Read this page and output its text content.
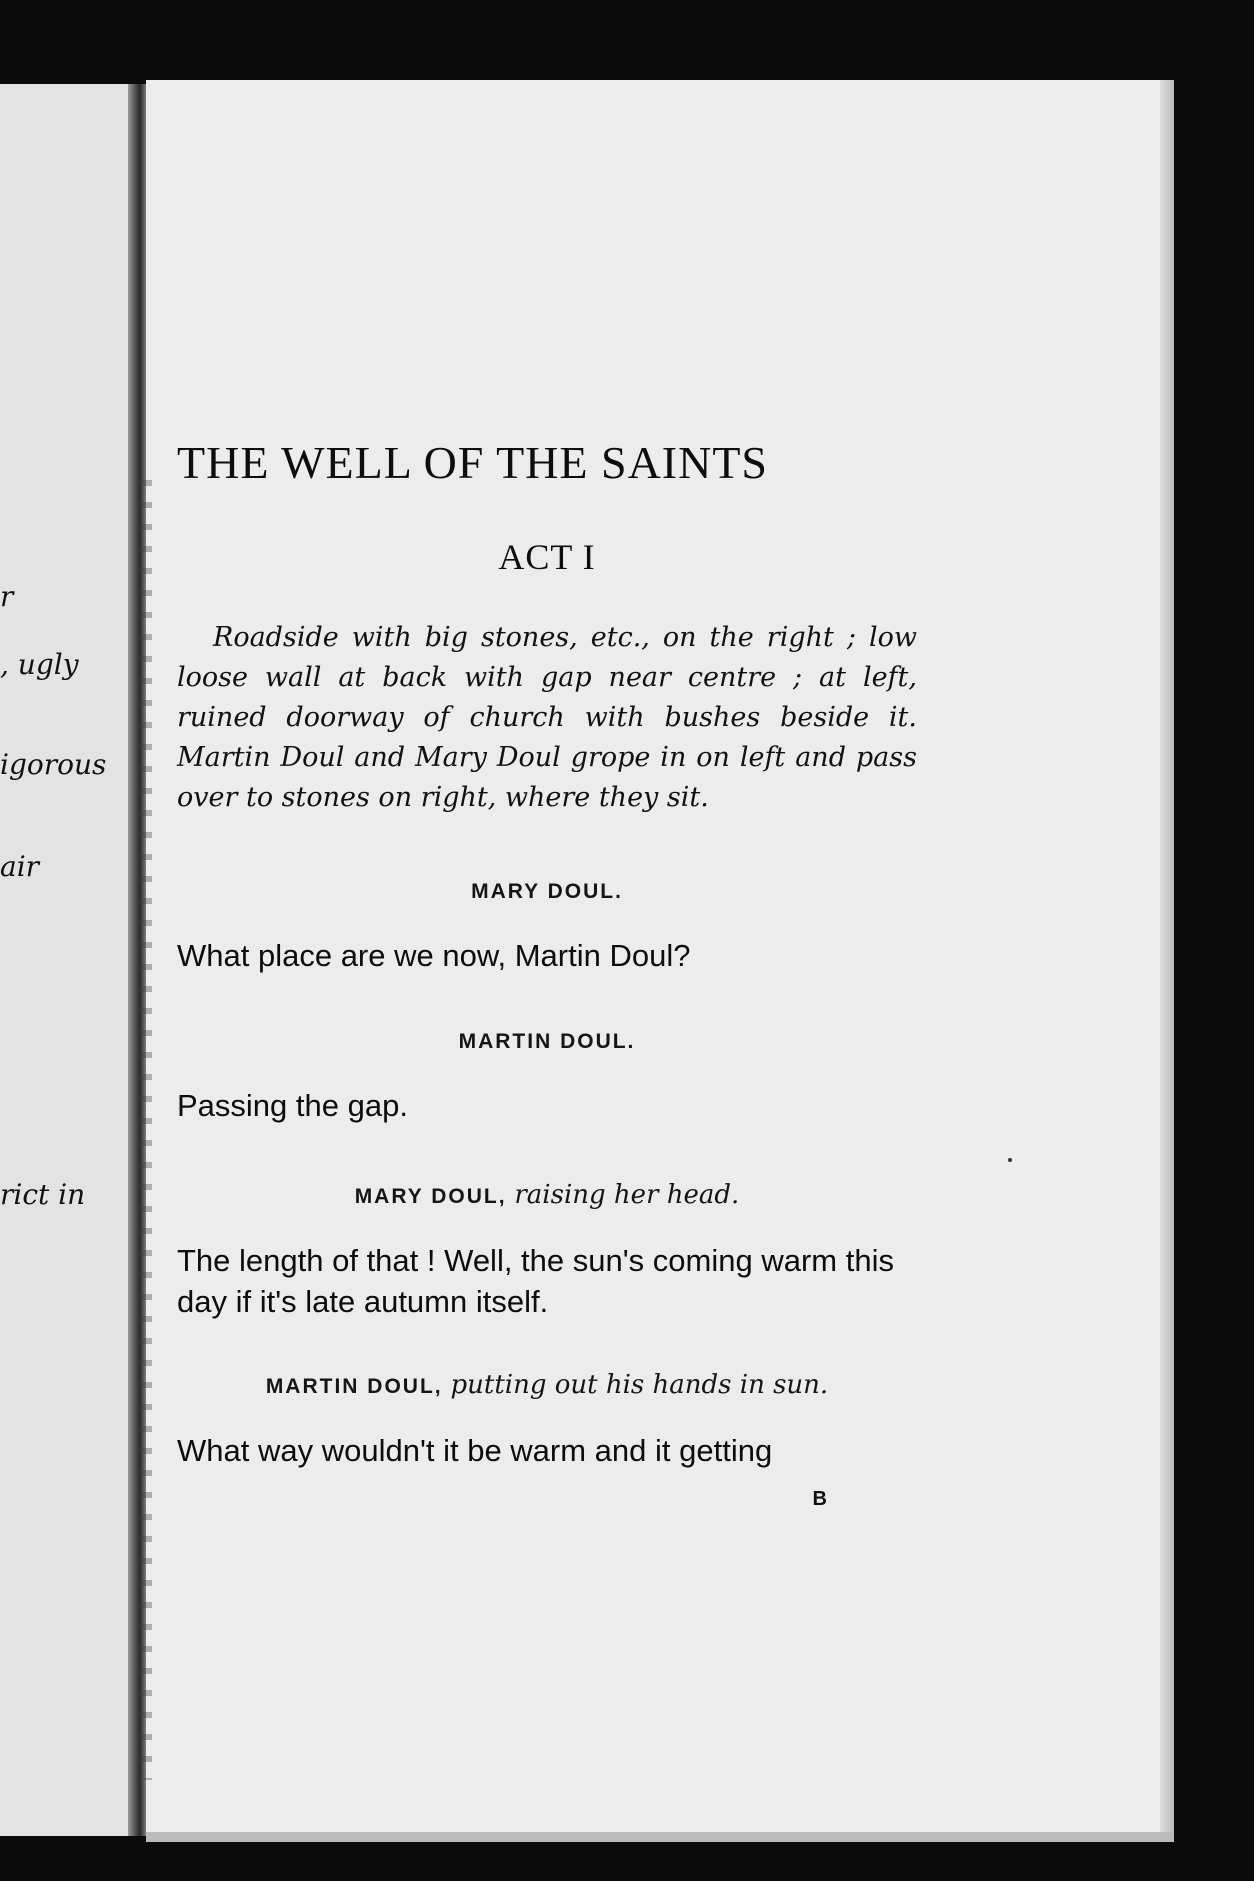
r
, ugly
igorous
air
rict in
THE WELL OF THE SAINTS
ACT I
Roadside with big stones, etc., on the right ; low loose wall at back with gap near centre ; at left, ruined doorway of church with bushes beside it. Martin Doul and Mary Doul grope in on left and pass over to stones on right, where they sit.
MARY DOUL.
What place are we now, Martin Doul?
MARTIN DOUL.
Passing the gap.
MARY DOUL, raising her head.
The length of that ! Well, the sun's coming warm this day if it's late autumn itself.
MARTIN DOUL, putting out his hands in sun.
What way wouldn't it be warm and it getting
B
